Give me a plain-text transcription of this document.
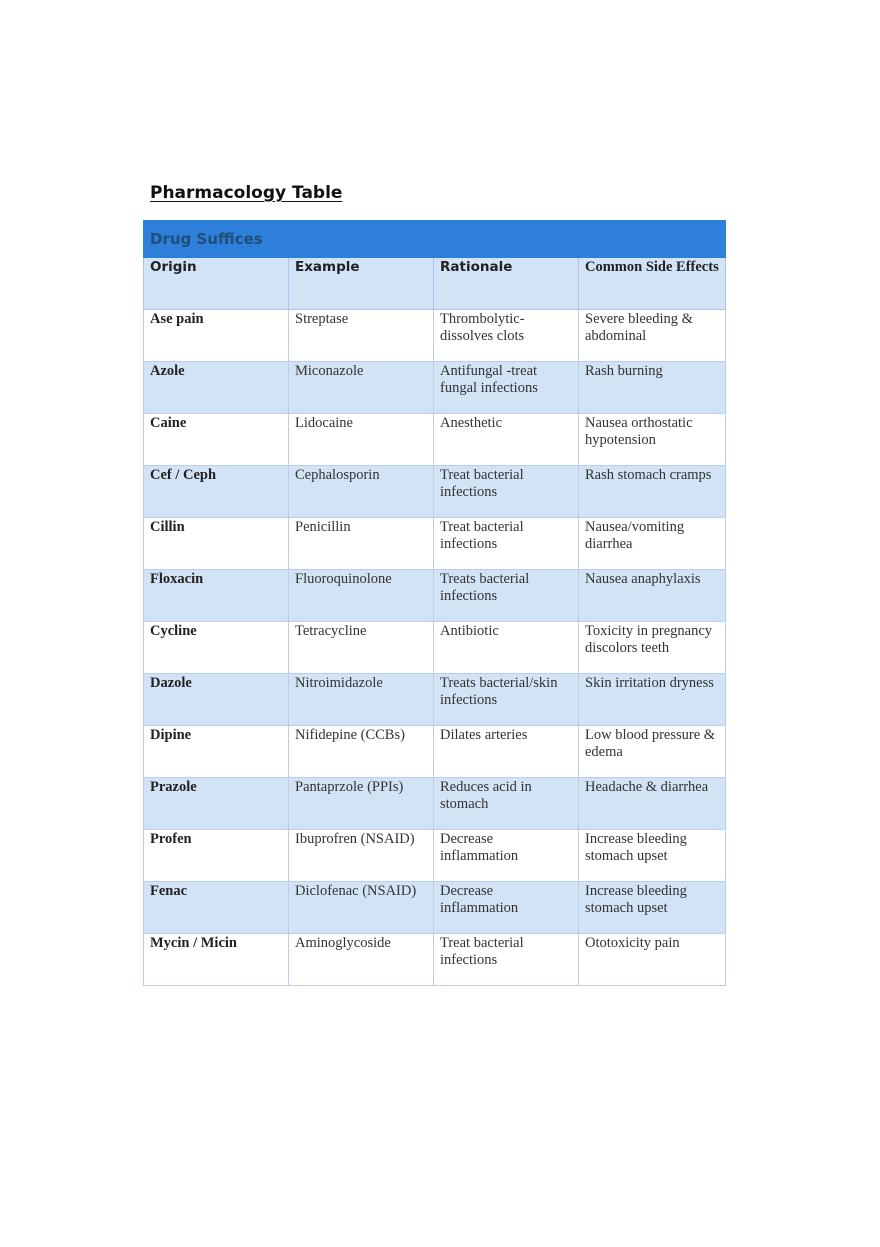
Pharmacology Table
Drug Suffices			
Origin	Example	Rationale	Common Side Effects
Ase pain	Streptase	Thrombolytic- dissolves clots	Severe bleeding & abdominal
Azole	Miconazole	Antifungal -treat fungal infections	Rash burning
Caine	Lidocaine	Anesthetic	Nausea orthostatic hypotension
Cef / Ceph	Cephalosporin	Treat bacterial infections	Rash stomach cramps
Cillin	Penicillin	Treat bacterial infections	Nausea/vomiting diarrhea
Floxacin	Fluoroquinolone	Treats bacterial infections	Nausea anaphylaxis
Cycline	Tetracycline	Antibiotic	Toxicity in pregnancy discolors teeth
Dazole	Nitroimidazole	Treats bacterial/skin infections	Skin irritation dryness
Dipine	Nifidepine (CCBs)	Dilates arteries	Low blood pressure & edema
Prazole	Pantaprzole (PPIs)	Reduces acid in stomach	Headache & diarrhea
Profen	Ibuprofren (NSAID)	Decrease inflammation	Increase bleeding stomach upset
Fenac	Diclofenac (NSAID)	Decrease inflammation	Increase bleeding stomach upset
Mycin / Micin	Aminoglycoside	Treat bacterial infections	Ototoxicity pain
